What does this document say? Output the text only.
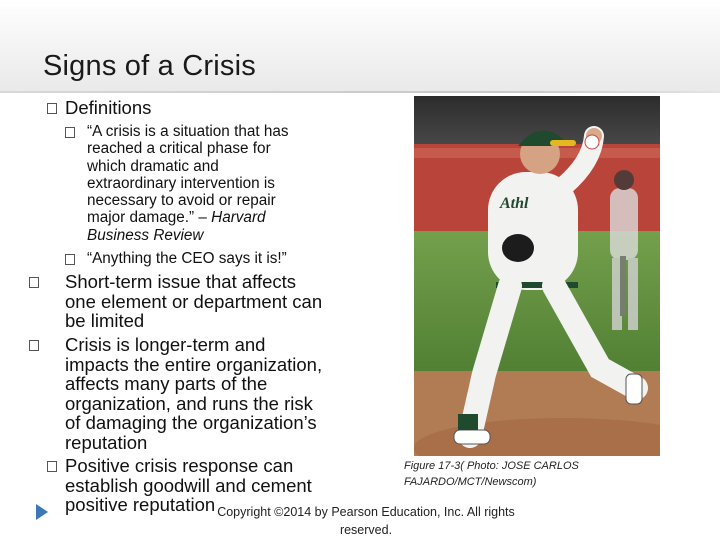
Signs of a Crisis
Definitions
“A crisis is a situation that has
reached a critical phase for
which dramatic and
extraordinary intervention is
necessary to avoid or repair
major damage.” – Harvard
Business Review
“Anything the CEO says it is!”
Short-term issue that affects
one element or department can
be limited
Crisis is longer-term and
impacts the entire organization,
affects many parts of the
organization, and runs the risk
of damaging the organization’s
reputation
Positive crisis response can
establish goodwill and cement
positive reputation
Athl
Figure 17-3( Photo: JOSE CARLOS
FAJARDO/MCT/Newscom)
Copyright ©2014 by Pearson Education, Inc. All rights
reserved.
